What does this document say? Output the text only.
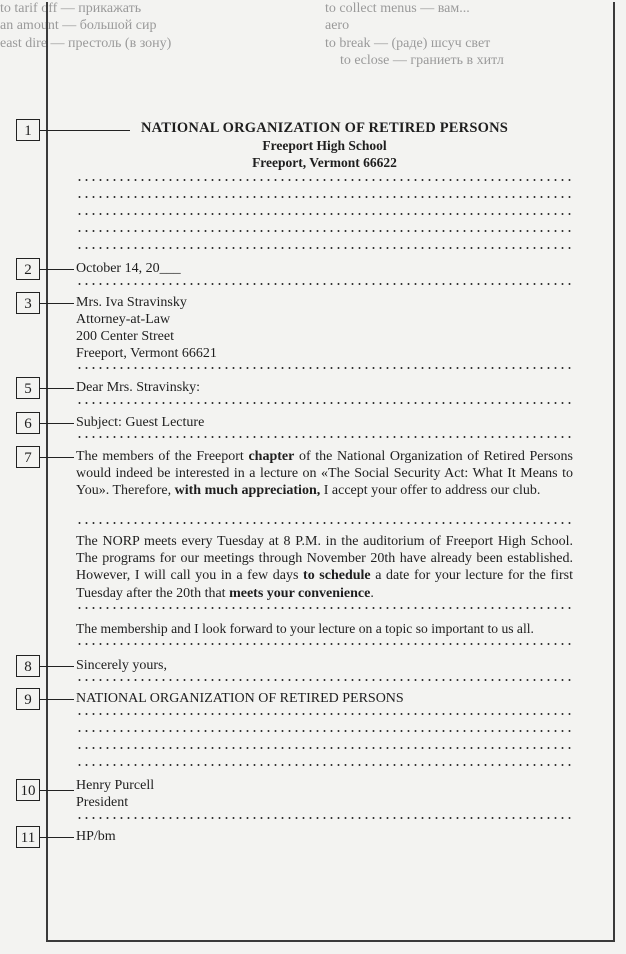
to tarif off — прикажать
an amount — большой сир
east dire — престоль (в зону)
to collect menus — вам...
aero
to break — (раде) шсуч свет
to eclose — граниеть в хитл
1	NATIONAL ORGANIZATION OF RETIRED PERSONS
Freeport High School
Freeport, Vermont 66622
2	October 14, 20___
3	Mrs. Iva Stravinsky
Attorney-at-Law
200 Center Street
Freeport, Vermont 66621
5	Dear Mrs. Stravinsky:
6	Subject: Guest Lecture
7	The members of the Freeport chapter of the National Organization of Retired Persons would indeed be interested in a lecture on «The Social Security Act: What It Means to You». Therefore, with much appreciation, I accept your offer to address our club.
The NORP meets every Tuesday at 8 P.M. in the auditorium of Freeport High School. The programs for our meetings through November 20th have already been established. However, I will call you in a few days to schedule a date for your lecture for the first Tuesday after the 20th that meets your convenience.
The membership and I look forward to your lecture on a topic so important to us all.
8	Sincerely yours,
9	NATIONAL ORGANIZATION OF RETIRED PERSONS
10	Henry Purcell
President
11	HP/bm
